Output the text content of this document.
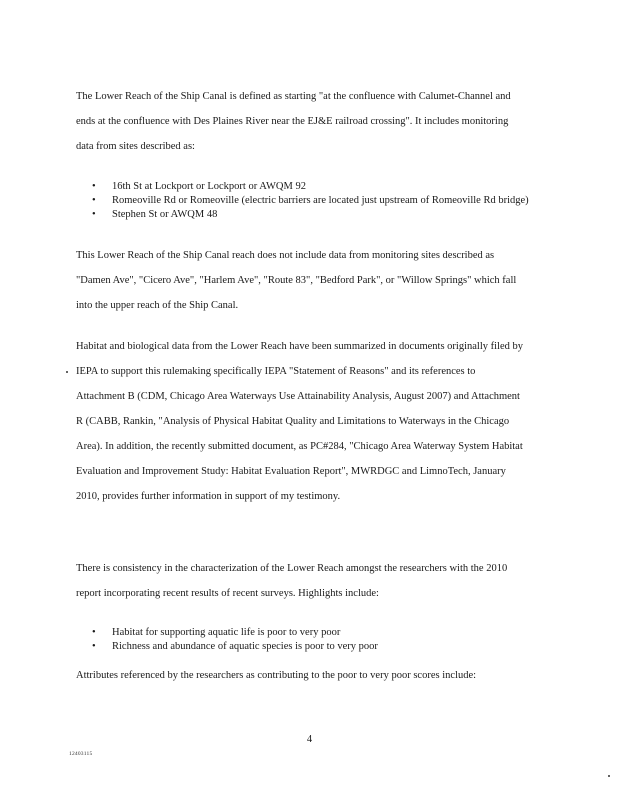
The Lower Reach of the Ship Canal is defined as starting "at the confluence with Calumet-Channel and ends at the confluence with Des Plaines River near the EJ&E railroad crossing". It includes monitoring data from sites described as:

• 16th St at Lockport or Lockport or AWQM 92
• Romeoville Rd or Romeoville (electric barriers are located just upstream of Romeoville Rd bridge)
• Stephen St or AWQM 48

This Lower Reach of the Ship Canal reach does not include data from monitoring sites described as "Damen Ave", "Cicero Ave", "Harlem Ave", "Route 83", "Bedford Park", or "Willow Springs" which fall into the upper reach of the Ship Canal.

Habitat and biological data from the Lower Reach have been summarized in documents originally filed by IEPA to support this rulemaking specifically IEPA "Statement of Reasons" and its references to Attachment B (CDM, Chicago Area Waterways Use Attainability Analysis, August 2007) and Attachment R (CABB, Rankin, "Analysis of Physical Habitat Quality and Limitations to Waterways in the Chicago Area). In addition, the recently submitted document, as PC#284, "Chicago Area Waterway System Habitat Evaluation and Improvement Study: Habitat Evaluation Report", MWRDGC and LimnoTech, January 2010, provides further information in support of my testimony.

There is consistency in the characterization of the Lower Reach amongst the researchers with the 2010 report incorporating recent results of recent surveys. Highlights include:

• Habitat for supporting aquatic life is poor to very poor
• Richness and abundance of aquatic species is poor to very poor

Attributes referenced by the researchers as contributing to the poor to very poor scores include:

4
12403115
